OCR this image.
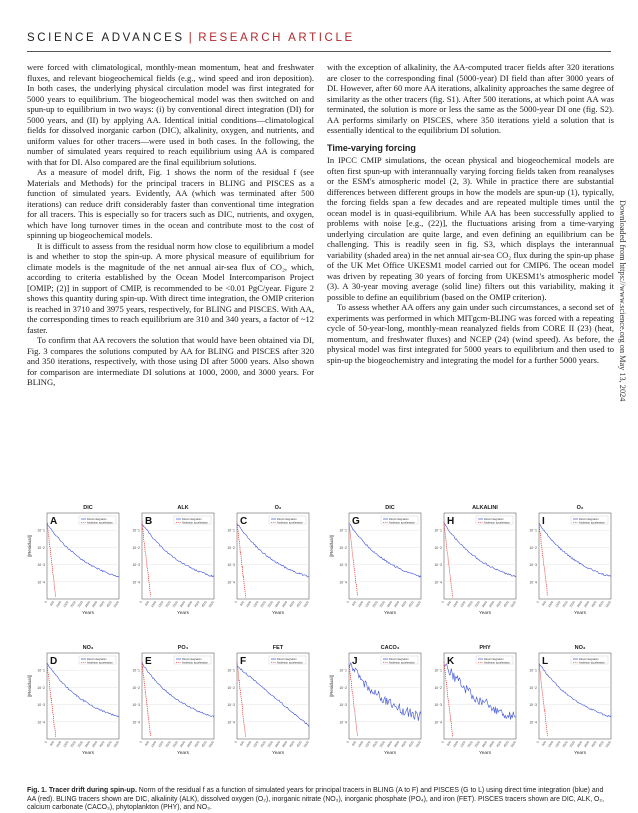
SCIENCE ADVANCES | RESEARCH ARTICLE

were forced with climatological, monthly-mean momentum, heat and freshwater fluxes, and relevant biogeochemical fields (e.g., wind speed and iron deposition). In both cases, the underlying physical circulation model was first integrated for 5000 years to equilibrium. The biogeochemical model was then switched on and spun-up to equilibrium in two ways: (i) by conventional direct integration (DI) for 5000 years, and (II) by applying AA. Identical initial conditions—climatological fields for dissolved inorganic carbon (DIC), alkalinity, oxygen, and nutrients, and uniform values for other tracers—were used in both cases. In the following, the number of simulated years required to reach equilibrium using AA is compared with that for DI. Also compared are the final equilibrium solutions.

As a measure of model drift, Fig. 1 shows the norm of the residual f (see Materials and Methods) for the principal tracers in BLING and PISCES as a function of simulated years. Evidently, AA (which was terminated after 500 iterations) can reduce drift considerably faster than conventional time integration for all tracers. This is especially so for tracers such as DIC, nutrients, and oxygen, which have long turnover times in the ocean and contribute most to the cost of spinning up biogeochemical models.

It is difficult to assess from the residual norm how close to equilibrium a model is and whether to stop the spin-up. A more physical measure of equilibrium for climate models is the magnitude of the net annual air-sea flux of CO₂, which, according to criteria established by the Ocean Model Intercomparison Project [OMIP; (2)] in support of CMIP, is recommended to be <0.01 PgC/year. Figure 2 shows this quantity during spin-up. With direct time integration, the OMIP criterion is reached in 3710 and 3975 years, respectively, for BLING and PISCES. With AA, the corresponding times to reach equilibrium are 310 and 340 years, a factor of ~12 faster.

To confirm that AA recovers the solution that would have been obtained via DI, Fig. 3 compares the solutions computed by AA for BLING and PISCES after 320 and 350 iterations, respectively, with those using DI after 5000 years. Also shown for comparison are intermediate DI solutions at 1000, 2000, and 3000 years. For BLING,

with the exception of alkalinity, the AA-computed tracer fields after 320 iterations are closer to the corresponding final (5000-year) DI field than after 3000 years of DI. However, after 60 more AA iterations, alkalinity approaches the same degree of similarity as the other tracers (fig. S1). After 500 iterations, at which point AA was terminated, the solution is more or less the same as the 5000-year DI one (fig. S2). AA performs similarly on PISCES, where 350 iterations yield a solution that is essentially identical to the equilibrium DI solution.

Time-varying forcing

In IPCC CMIP simulations, the ocean physical and biogeochemical models are often first spun-up with interannually varying forcing fields taken from reanalyses or the ESM's atmospheric model (2, 3). While in practice there are substantial differences between different groups in how the models are spun-up (1), typically, the forcing fields span a few decades and are repeated multiple times until the ocean model is in quasi-equilibrium. While AA has been successfully applied to problems with noise [e.g., (22)], the fluctuations arising from a time-varying underlying circulation are quite large, and even defining an equilibrium can be challenging. This is readily seen in fig. S3, which displays the interannual variability (shaded area) in the net annual air-sea CO₂ flux during the spin-up phase of the UK Met Office UKESM1 model carried out for CMIP6. The ocean model was driven by repeating 30 years of forcing from UKESM1's atmospheric model (3). A 30-year moving average (solid line) filters out this variability, making it possible to define an equilibrium (based on the OMIP criterion).

To assess whether AA offers any gain under such circumstances, a second set of experiments was performed in which MITgcm-BLING was forced with a repeating cycle of 50-year-long, monthly-mean reanalyzed fields from CORE II (23) (heat, momentum, and freshwater fluxes) and NCEP (24) (wind speed). As before, the physical model was first integrated for 5000 years to equilibrium and then used to spin-up the biogeochemistry and integrating the model for a further 5000 years.	Downloaded from https://www.science.org on May 13, 2024
DIC
||Residual||
10⁻1
10⁻2
10⁻3
10⁻4
A	Direct integration
Anderson acceleration
0 500 1000 1500 2000 2500 3000 3500 4000 4500 5000
Years
ALK
10⁻1
10⁻2
10⁻3
10⁻4
B	Direct integration
Anderson acceleration
0 500 1000 1500 2000 2500 3000 3500 4000 4500 5000
Years
O₂
10⁻1
10⁻2
10⁻3
10⁻4
C	Direct integration
Anderson acceleration
0 500 1000 1500 2000 2500 3000 3500 4000 4500 5000
Years
DIC
||Residual||
10⁻1
10⁻2
10⁻3
10⁻4
G	Direct integration
Anderson acceleration
0 500 1000 1500 2000 2500 3000 3500 4000 4500 5000
Years
ALKALINI
10⁻1
10⁻2
10⁻3
10⁻4
H	Direct integration
Anderson acceleration
0 500 1000 1500 2000 2500 3000 3500 4000 4500 5000
Years
O₂
10⁻1
10⁻2
10⁻3
10⁻4
I	Direct integration
Anderson acceleration
0 500 1000 1500 2000 2500 3000 3500 4000 4500 5000
Years
NO₃
||Residual||
10⁻1
10⁻2
10⁻3
10⁻4
D	Direct integration
Anderson acceleration
0 500 1000 1500 2000 2500 3000 3500 4000 4500 5000
Years
PO₄
10⁻1
10⁻2
10⁻3
10⁻4
E	Direct integration
Anderson acceleration
0 500 1000 1500 2000 2500 3000 3500 4000 4500 5000
Years
FET
10⁻1
10⁻2
10⁻3
10⁻4
F	Direct integration
Anderson acceleration
0 500 1000 1500 2000 2500 3000 3500 4000 4500 5000
Years
CACO₃
||Residual||
10⁻1
10⁻2
10⁻3
10⁻4
J	Direct integration
Anderson acceleration
0 500 1000 1500 2000 2500 3000 3500 4000 4500 5000
Years
PHY
10⁻1
10⁻2
10⁻3
10⁻4
K	Direct integration
Anderson acceleration
0 500 1000 1500 2000 2500 3000 3500 4000 4500 5000
Years
NO₃
10⁻1
10⁻2
10⁻3
10⁻4
L	Direct integration
Anderson acceleration
0 500 1000 1500 2000 2500 3000 3500 4000 4500 5000
Years
Fig. 1. Tracer drift during spin-up. Norm of the residual f as a function of simulated years for principal tracers in BLING (A to F) and PISCES (G to L) using direct time integration (blue) and AA (red). BLING tracers shown are DIC, alkalinity (ALK), dissolved oxygen (O₂), inorganic nitrate (NO₃), inorganic phosphate (PO₄), and iron (FET). PISCES tracers shown are DIC, ALK, O₂, calcium carbonate (CACO₃), phytoplankton (PHY), and NO₃.
